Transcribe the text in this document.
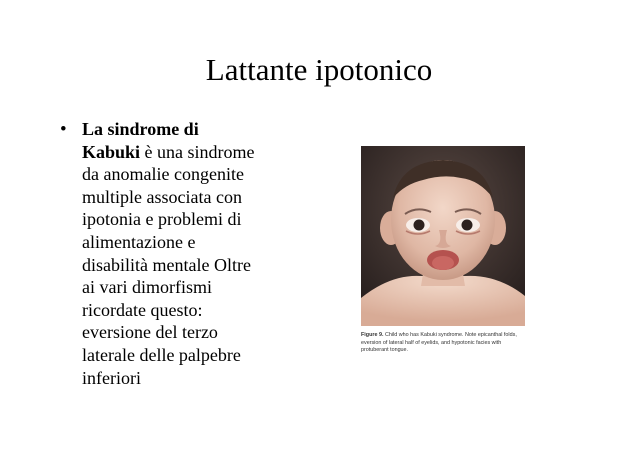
Lattante ipotonico
• La sindrome di
Kabuki è una sindrome
da anomalie congenite
multiple associata con
ipotonia e problemi di
alimentazione e
disabilità mentale Oltre
ai vari dimorfismi
ricordate questo:
eversione del terzo
laterale delle palpebre
inferiori
Figure 9. Child who has Kabuki syndrome. Note epicanthal folds, eversion of lateral half of eyelids, and hypotonic facies with protuberant tongue.
